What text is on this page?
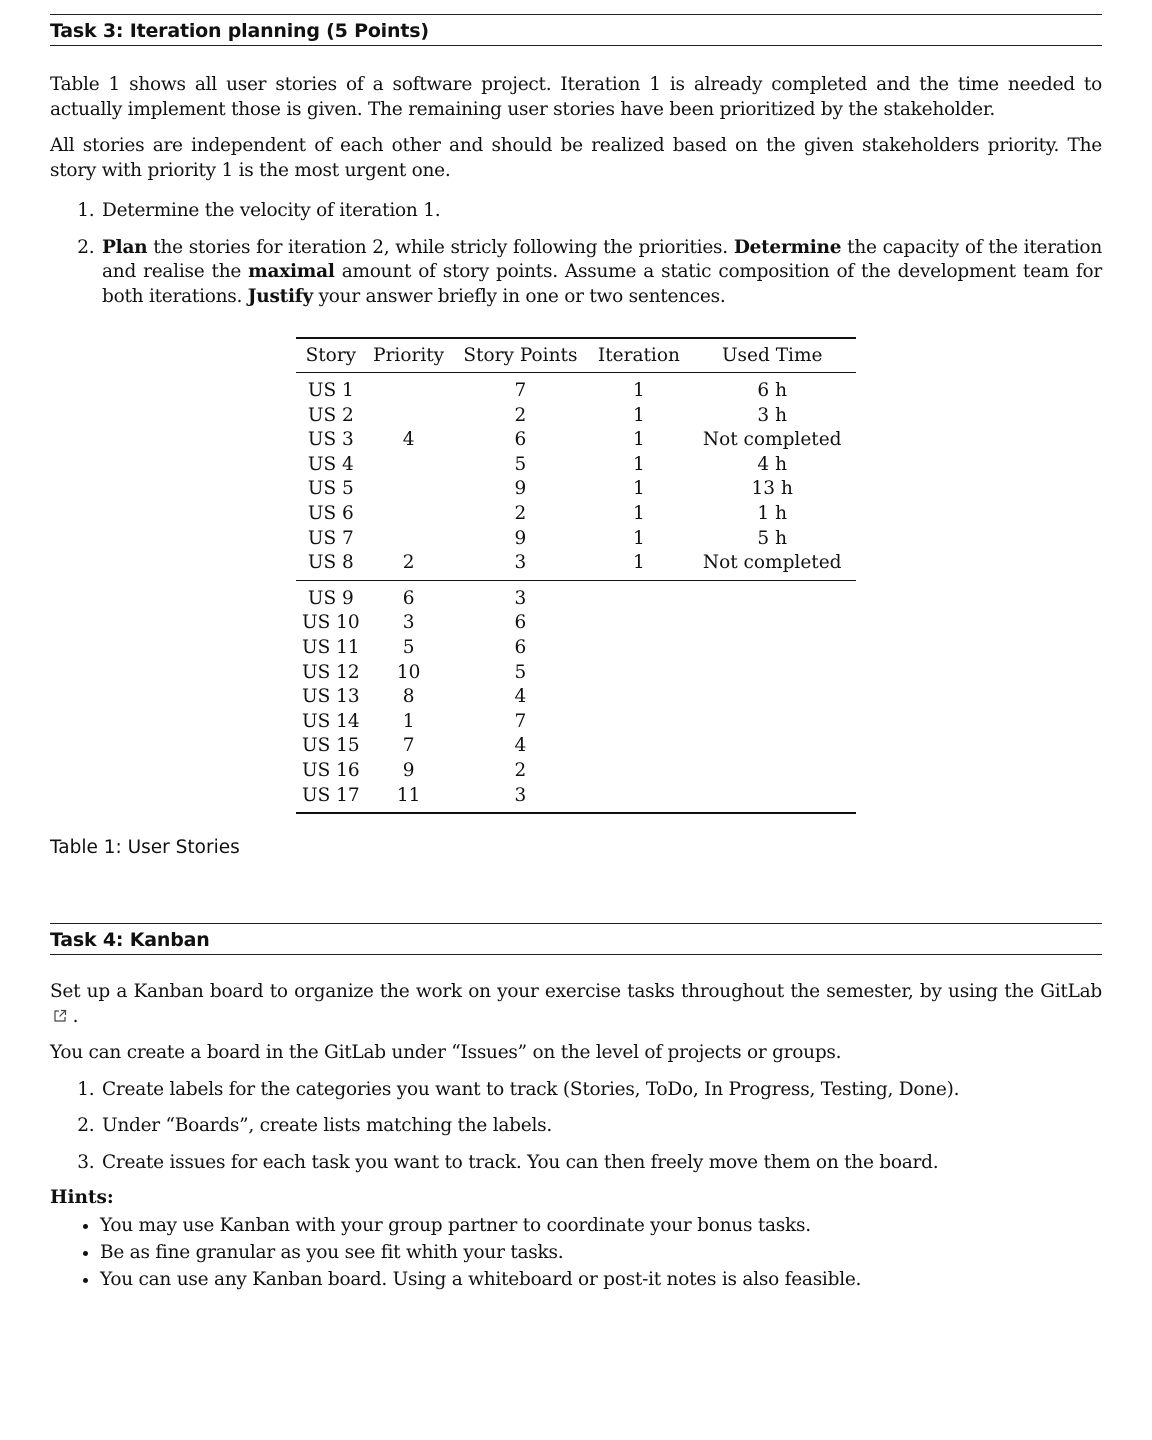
Task 3: Iteration planning (5 Points)

Table 1 shows all user stories of a software project. Iteration 1 is already completed and the time needed to actually implement those is given. The remaining user stories have been prioritized by the stakeholder.

All stories are independent of each other and should be realized based on the given stakeholders priority. The story with priority 1 is the most urgent one.

1. Determine the velocity of iteration 1.
2. Plan the stories for iteration 2, while stricly following the priorities. Determine the capacity of the iteration and realise the maximal amount of story points. Assume a static composition of the development team for both iterations. Justify your answer briefly in one or two sentences.
Story	Priority	Story Points	Iteration	Used Time
US 1		7	1	6 h
US 2		2	1	3 h
US 3	4	6	1	Not completed
US 4		5	1	4 h
US 5		9	1	13 h
US 6		2	1	1 h
US 7		9	1	5 h
US 8	2	3	1	Not completed
US 9	6	3		
US 10	3	6		
US 11	5	6		
US 12	10	5		
US 13	8	4		
US 14	1	7		
US 15	7	4		
US 16	9	2		
US 17	11	3		
Table 1: User Stories
Task 4: Kanban

Set up a Kanban board to organize the work on your exercise tasks throughout the semester, by using the GitLab .

You can create a board in the GitLab under “Issues” on the level of projects or groups.

1. Create labels for the categories you want to track (Stories, ToDo, In Progress, Testing, Done).
2. Under “Boards”, create lists matching the labels.
3. Create issues for each task you want to track. You can then freely move them on the board.

Hints:

• You may use Kanban with your group partner to coordinate your bonus tasks.
• Be as fine granular as you see fit whith your tasks.
• You can use any Kanban board. Using a whiteboard or post-it notes is also feasible.
